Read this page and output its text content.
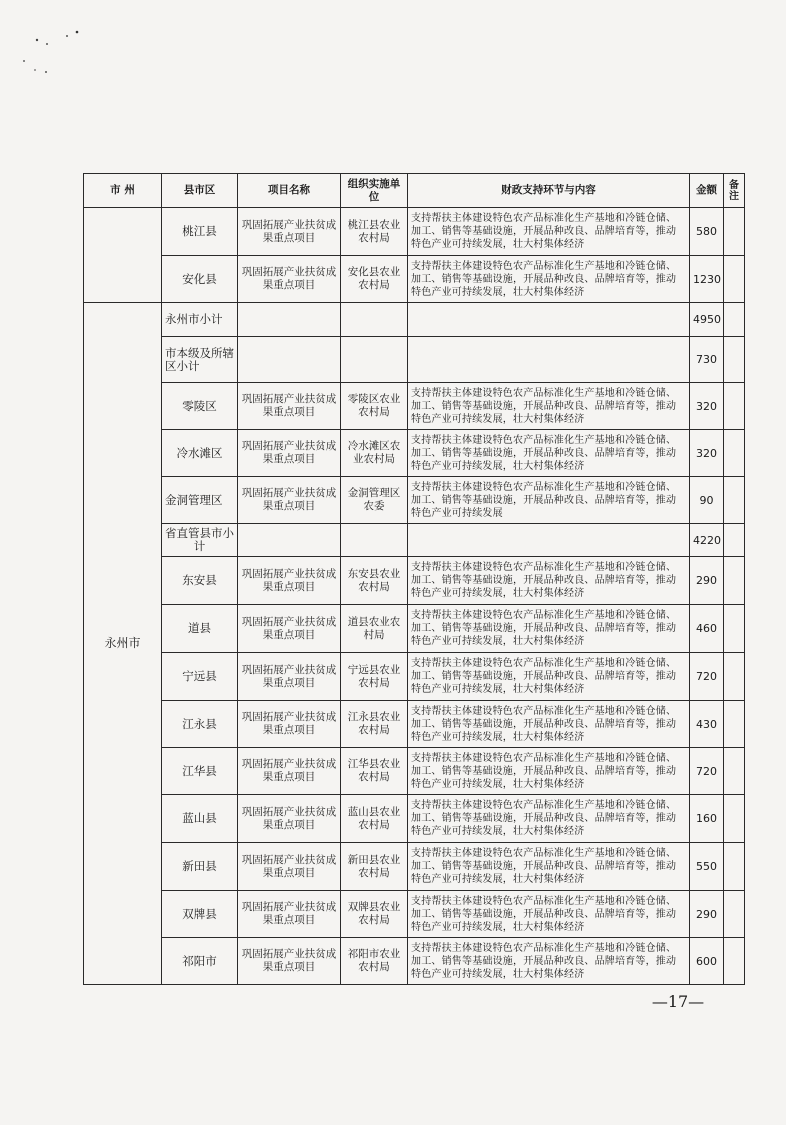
市 州	县市区	项目名称	组织实施单位	财政支持环节与内容	金额	备注
	桃江县	巩固拓展产业扶贫成果重点项目	桃江县农业农村局	支持帮扶主体建设特色农产品标准化生产基地和冷链仓储、加工、销售等基础设施，开展品种改良、品牌培育等，推动特色产业可持续发展，壮大村集体经济	580	
	安化县	巩固拓展产业扶贫成果重点项目	安化县农业农村局	支持帮扶主体建设特色农产品标准化生产基地和冷链仓储、加工、销售等基础设施，开展品种改良、品牌培育等，推动特色产业可持续发展，壮大村集体经济	1230	
永州市	永州市小计				4950	
	市本级及所辖区小计				730	
	零陵区	巩固拓展产业扶贫成果重点项目	零陵区农业农村局	支持帮扶主体建设特色农产品标准化生产基地和冷链仓储、加工、销售等基础设施，开展品种改良、品牌培育等，推动特色产业可持续发展，壮大村集体经济	320	
	冷水滩区	巩固拓展产业扶贫成果重点项目	冷水滩区农业农村局	支持帮扶主体建设特色农产品标准化生产基地和冷链仓储、加工、销售等基础设施，开展品种改良、品牌培育等，推动特色产业可持续发展，壮大村集体经济	320	
	金洞管理区	巩固拓展产业扶贫成果重点项目	金洞管理区农委	支持帮扶主体建设特色农产品标准化生产基地和冷链仓储、加工、销售等基础设施，开展品种改良、品牌培育等，推动特色产业可持续发展	90	
	省直管县市小计				4220	
	东安县	巩固拓展产业扶贫成果重点项目	东安县农业农村局	支持帮扶主体建设特色农产品标准化生产基地和冷链仓储、加工、销售等基础设施，开展品种改良、品牌培育等，推动特色产业可持续发展，壮大村集体经济	290	
	道县	巩固拓展产业扶贫成果重点项目	道县农业农村局	支持帮扶主体建设特色农产品标准化生产基地和冷链仓储、加工、销售等基础设施，开展品种改良、品牌培育等，推动特色产业可持续发展，壮大村集体经济	460	
	宁远县	巩固拓展产业扶贫成果重点项目	宁远县农业农村局	支持帮扶主体建设特色农产品标准化生产基地和冷链仓储、加工、销售等基础设施，开展品种改良、品牌培育等，推动特色产业可持续发展，壮大村集体经济	720	
	江永县	巩固拓展产业扶贫成果重点项目	江永县农业农村局	支持帮扶主体建设特色农产品标准化生产基地和冷链仓储、加工、销售等基础设施，开展品种改良、品牌培育等，推动特色产业可持续发展，壮大村集体经济	430	
	江华县	巩固拓展产业扶贫成果重点项目	江华县农业农村局	支持帮扶主体建设特色农产品标准化生产基地和冷链仓储、加工、销售等基础设施，开展品种改良、品牌培育等，推动特色产业可持续发展，壮大村集体经济	720	
	蓝山县	巩固拓展产业扶贫成果重点项目	蓝山县农业农村局	支持帮扶主体建设特色农产品标准化生产基地和冷链仓储、加工、销售等基础设施，开展品种改良、品牌培育等，推动特色产业可持续发展，壮大村集体经济	160	
	新田县	巩固拓展产业扶贫成果重点项目	新田县农业农村局	支持帮扶主体建设特色农产品标准化生产基地和冷链仓储、加工、销售等基础设施，开展品种改良、品牌培育等，推动特色产业可持续发展，壮大村集体经济	550	
	双牌县	巩固拓展产业扶贫成果重点项目	双牌县农业农村局	支持帮扶主体建设特色农产品标准化生产基地和冷链仓储、加工、销售等基础设施，开展品种改良、品牌培育等，推动特色产业可持续发展，壮大村集体经济	290	
	祁阳市	巩固拓展产业扶贫成果重点项目	祁阳市农业农村局	支持帮扶主体建设特色农产品标准化生产基地和冷链仓储、加工、销售等基础设施，开展品种改良、品牌培育等，推动特色产业可持续发展，壮大村集体经济	600	
—17—
